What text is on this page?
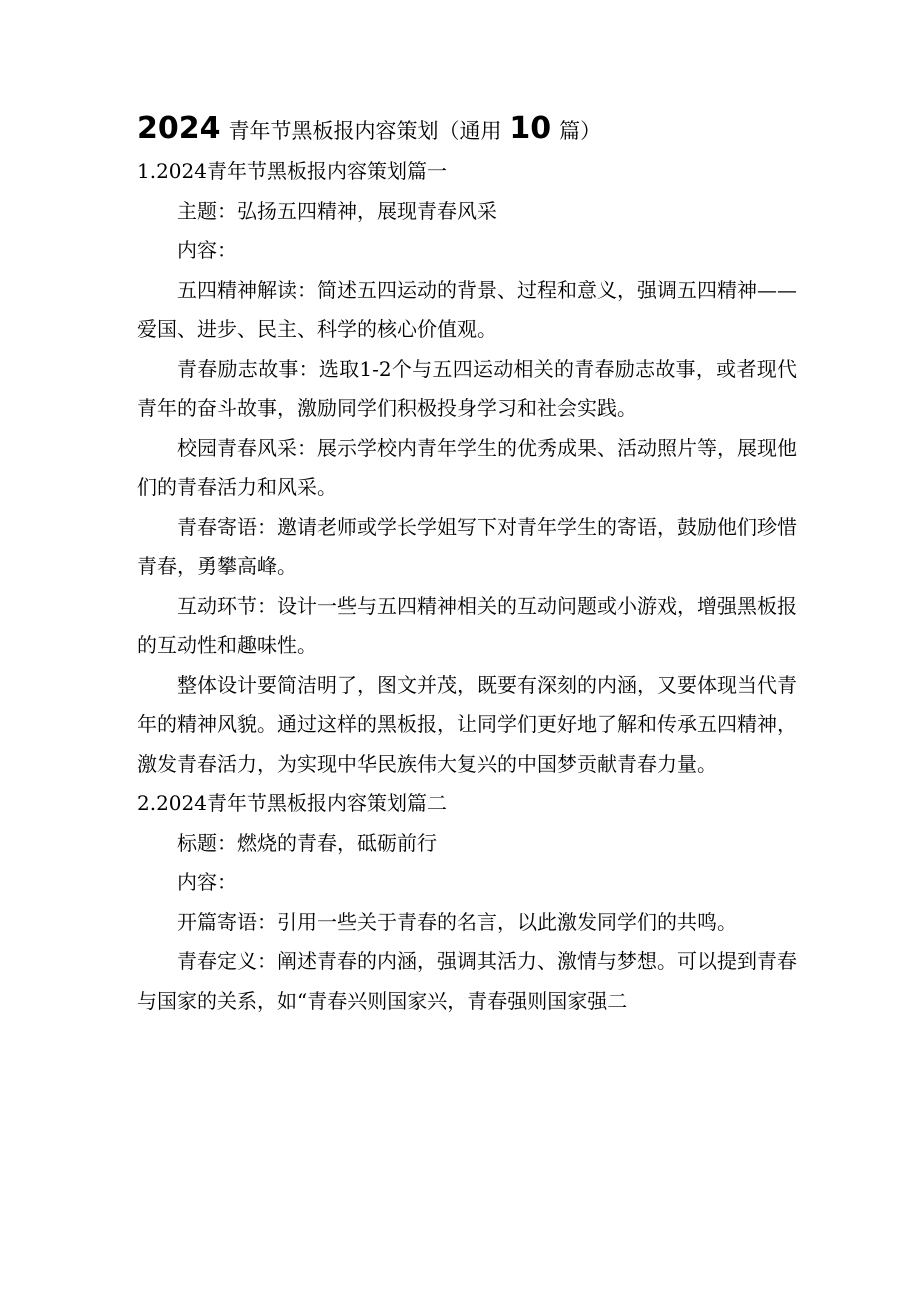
2024 青年节黑板报内容策划（通用 10 篇）

1.2024青年节黑板报内容策划篇一

主题：弘扬五四精神，展现青春风采

内容：

五四精神解读：简述五四运动的背景、过程和意义，强调五四精神——爱国、进步、民主、科学的核心价值观。

青春励志故事：选取1-2个与五四运动相关的青春励志故事，或者现代青年的奋斗故事，激励同学们积极投身学习和社会实践。

校园青春风采：展示学校内青年学生的优秀成果、活动照片等，展现他们的青春活力和风采。

青春寄语：邀请老师或学长学姐写下对青年学生的寄语，鼓励他们珍惜青春，勇攀高峰。

互动环节：设计一些与五四精神相关的互动问题或小游戏，增强黑板报的互动性和趣味性。

整体设计要简洁明了，图文并茂，既要有深刻的内涵，又要体现当代青年的精神风貌。通过这样的黑板报，让同学们更好地了解和传承五四精神，激发青春活力，为实现中华民族伟大复兴的中国梦贡献青春力量。

2.2024青年节黑板报内容策划篇二

标题：燃烧的青春，砥砺前行

内容：

开篇寄语：引用一些关于青春的名言，以此激发同学们的共鸣。

青春定义：阐述青春的内涵，强调其活力、激情与梦想。可以提到青春与国家的关系，如“青春兴则国家兴，青春强则国家强二
